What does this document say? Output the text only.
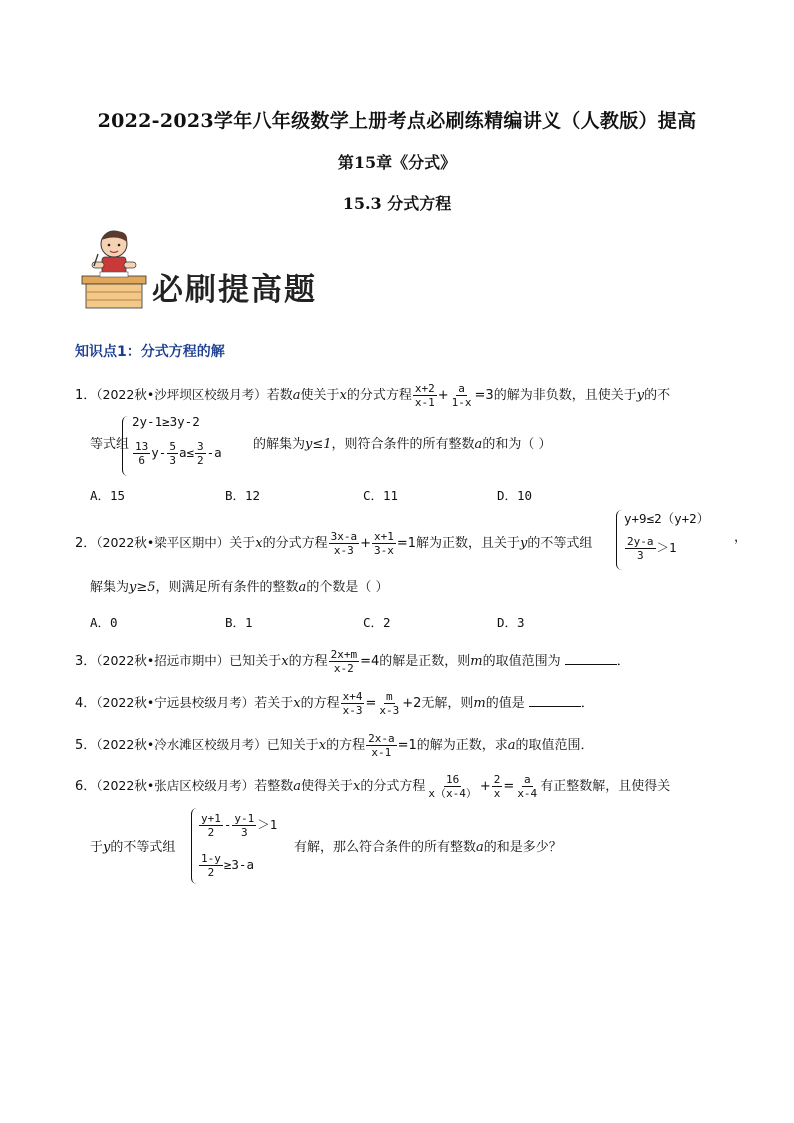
2022-2023学年八年级数学上册考点必刷练精编讲义（人教版）提高
第15章《分式》
15.3 分式方程
必刷提高题
知识点1：分式方程的解
1．（2022秋•沙坪坝区校级月考）若数a使关于x的分式方程 $\frac{x+2}{x-1} + \frac{a}{1-x} =3$的解为非负数，且使关于y的不
等式组
2y-1≥3y-2
$\frac{13}{6} y- \frac{5}{3} a\le \frac{3}{2} -a$
的解集为y≤1，则符合条件的所有整数a的和为（ ）
A．15	B．12	C．11	D．10
2．（2022秋•梁平区期中）关于x的分式方程 $\frac{3x-a}{x-3} + \frac{x+1}{3-x} =1$解为正数，且关于y的不等式组
y+9≤2（y+2）
$\frac{2y-a}{3} >1$
，
解集为y≥5，则满足所有条件的整数a的个数是（ ）
A．0	B．1	C．2	D．3
3．（2022秋•招远市期中）已知关于x的方程 $\frac{2x+m}{x-2} =4$的解是正数，则m的取值范围为	．
4．（2022秋•宁远县校级月考）若关于x的方程 $\frac{x+4}{x-3} = \frac{m}{x-3} +2$无解，则m的值是	．
5．（2022秋•冷水滩区校级月考）已知关于x的方程 $\frac{2x-a}{x-1} =1$的解为正数，求a的取值范围．
6．（2022秋•张店区校级月考）若整数a使得关于x的分式方程 $\frac{16}{x(x-4)} + \frac{2}{x} = \frac{a}{x-4}$ 有正整数解，且使得关
于y的不等式组
$\frac{y+1}{2} - \frac{y-1}{3} >1$
$\frac{1-y}{2} \ge 3-a$
有解，那么符合条件的所有整数a的和是多少？
